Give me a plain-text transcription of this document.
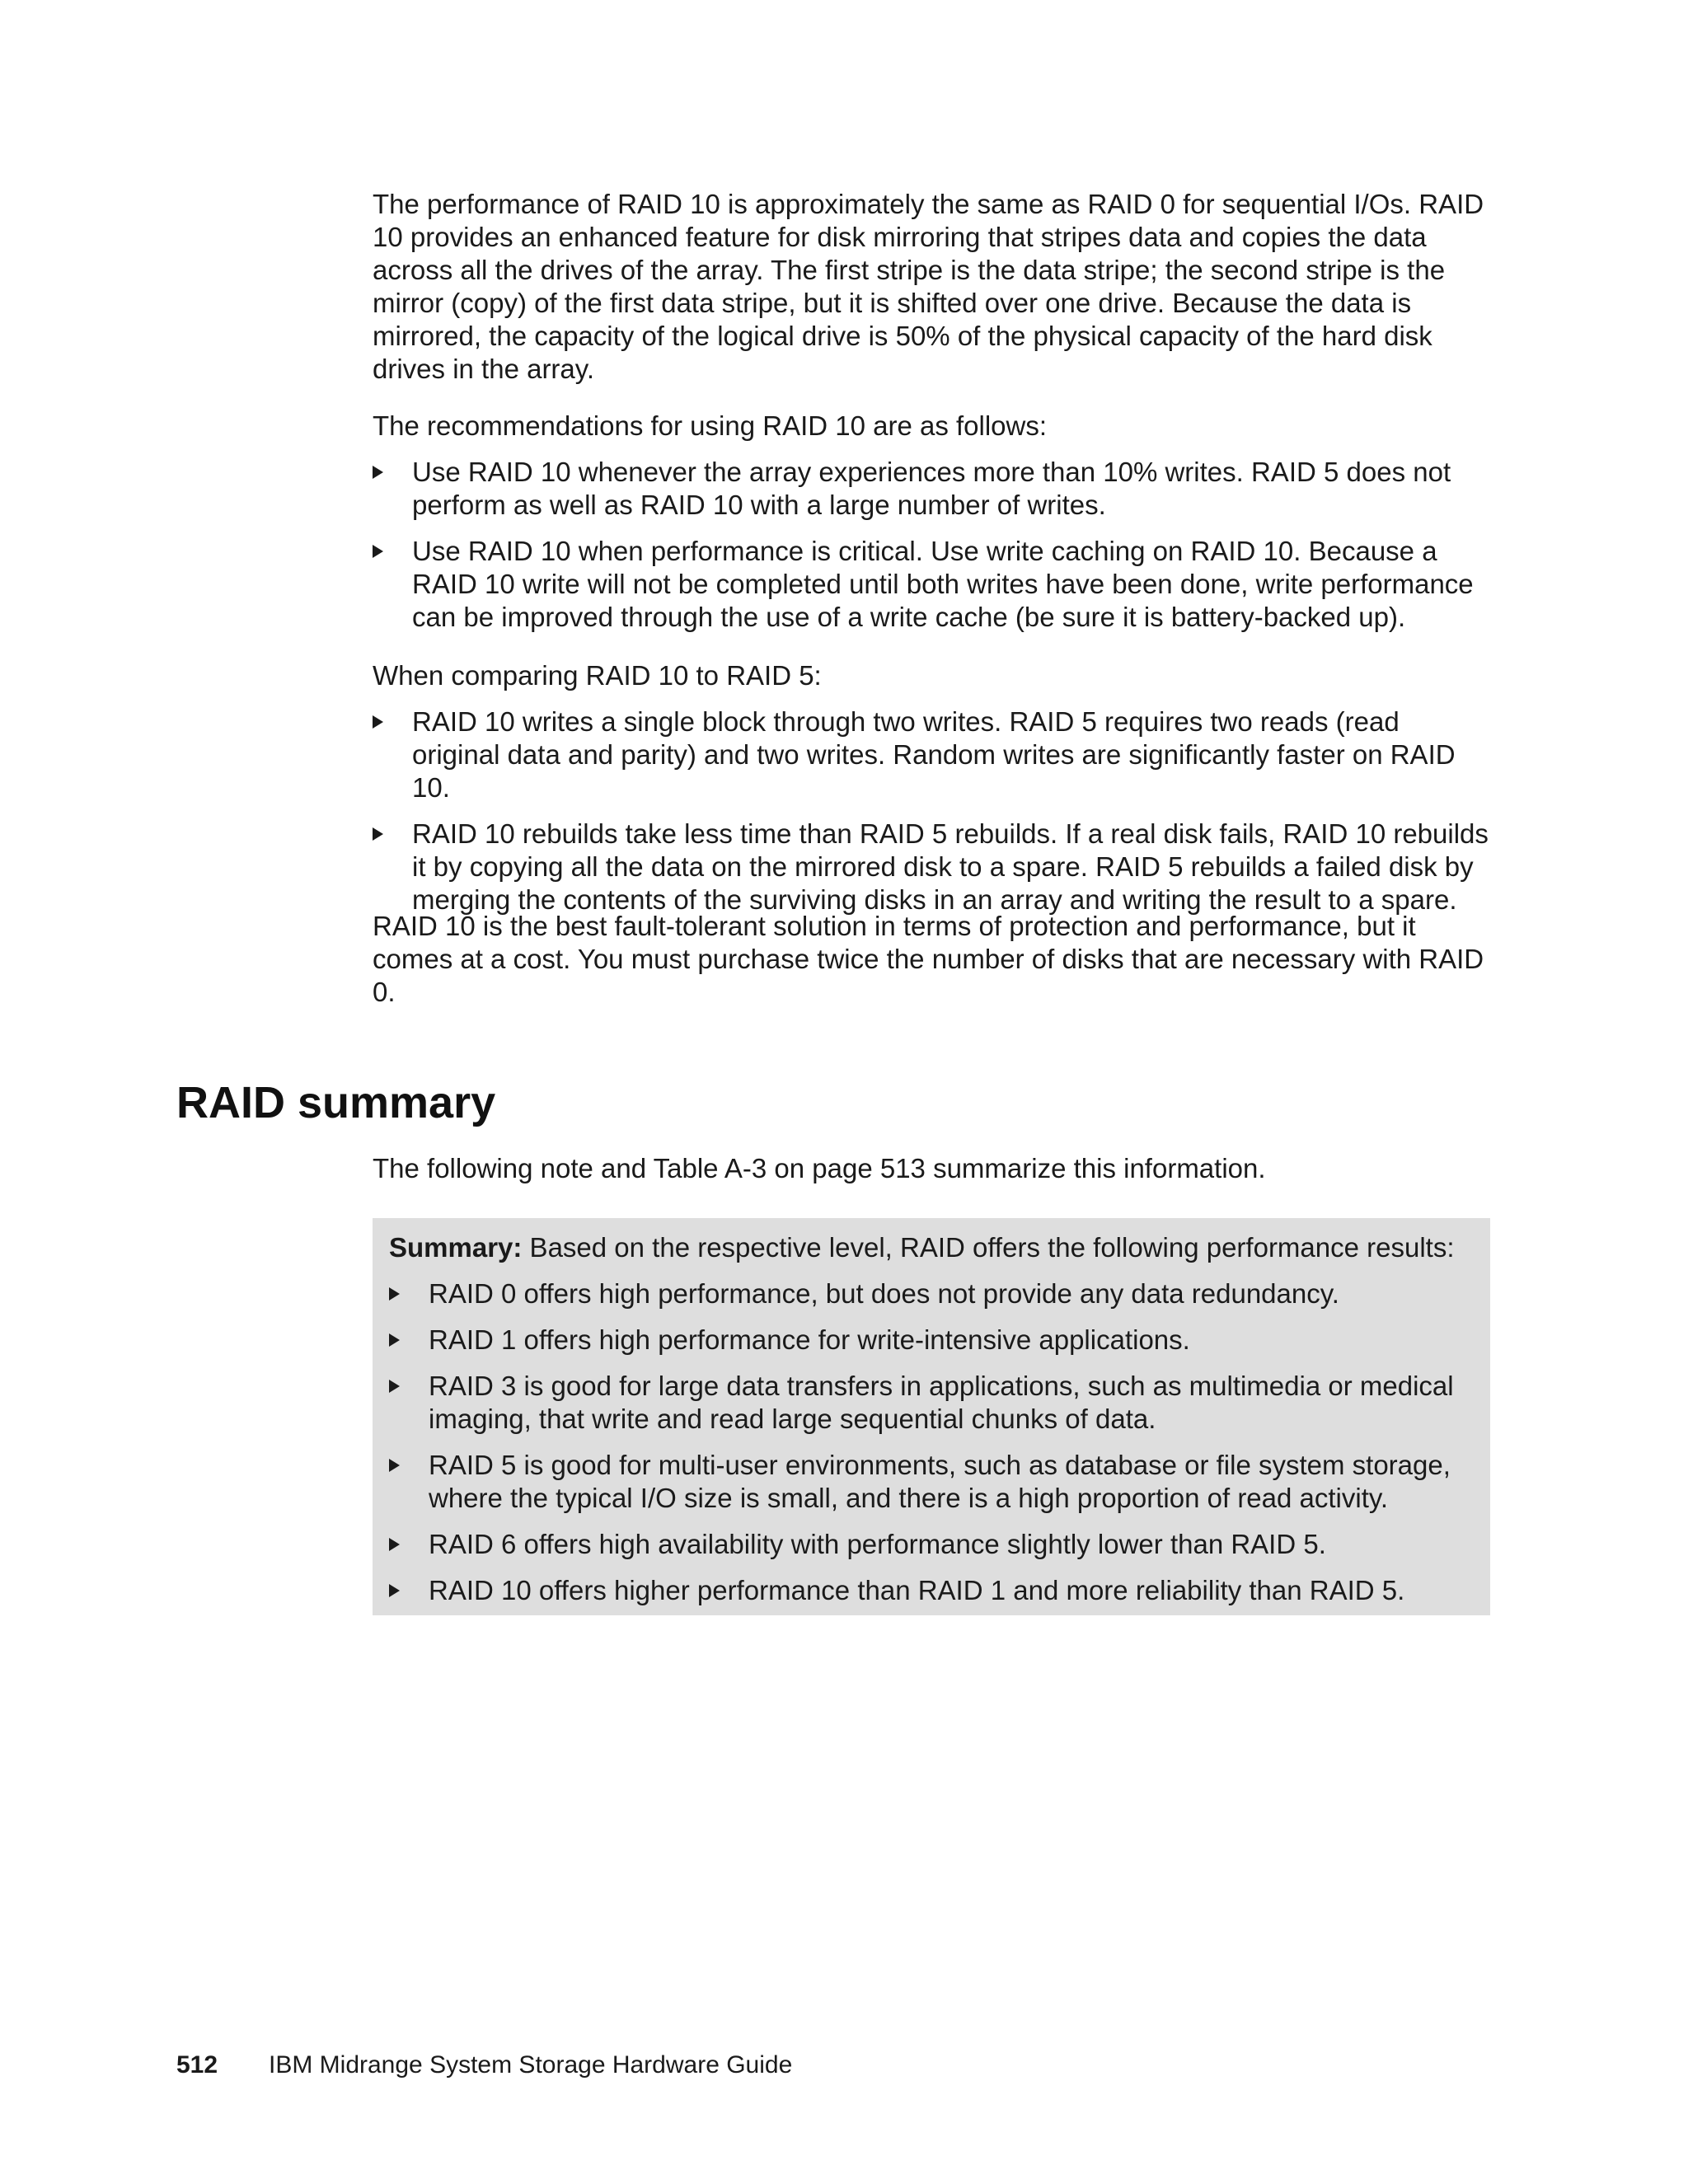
The performance of RAID 10 is approximately the same as RAID 0 for sequential I/Os. RAID 10 provides an enhanced feature for disk mirroring that stripes data and copies the data across all the drives of the array. The first stripe is the data stripe; the second stripe is the mirror (copy) of the first data stripe, but it is shifted over one drive. Because the data is mirrored, the capacity of the logical drive is 50% of the physical capacity of the hard disk drives in the array.

The recommendations for using RAID 10 are as follows:

Use RAID 10 whenever the array experiences more than 10% writes. RAID 5 does not perform as well as RAID 10 with a large number of writes.
Use RAID 10 when performance is critical. Use write caching on RAID 10. Because a RAID 10 write will not be completed until both writes have been done, write performance can be improved through the use of a write cache (be sure it is battery-backed up).

When comparing RAID 10 to RAID 5:

RAID 10 writes a single block through two writes. RAID 5 requires two reads (read original data and parity) and two writes. Random writes are significantly faster on RAID 10.
RAID 10 rebuilds take less time than RAID 5 rebuilds. If a real disk fails, RAID 10 rebuilds it by copying all the data on the mirrored disk to a spare. RAID 5 rebuilds a failed disk by merging the contents of the surviving disks in an array and writing the result to a spare.

RAID 10 is the best fault-tolerant solution in terms of protection and performance, but it comes at a cost. You must purchase twice the number of disks that are necessary with RAID 0.

RAID summary

The following note and Table A-3 on page 513 summarize this information.

Summary: Based on the respective level, RAID offers the following performance results:

RAID 0 offers high performance, but does not provide any data redundancy.
RAID 1 offers high performance for write-intensive applications.
RAID 3 is good for large data transfers in applications, such as multimedia or medical imaging, that write and read large sequential chunks of data.
RAID 5 is good for multi-user environments, such as database or file system storage, where the typical I/O size is small, and there is a high proportion of read activity.
RAID 6 offers high availability with performance slightly lower than RAID 5.
RAID 10 offers higher performance than RAID 1 and more reliability than RAID 5.
512 IBM Midrange System Storage Hardware Guide
